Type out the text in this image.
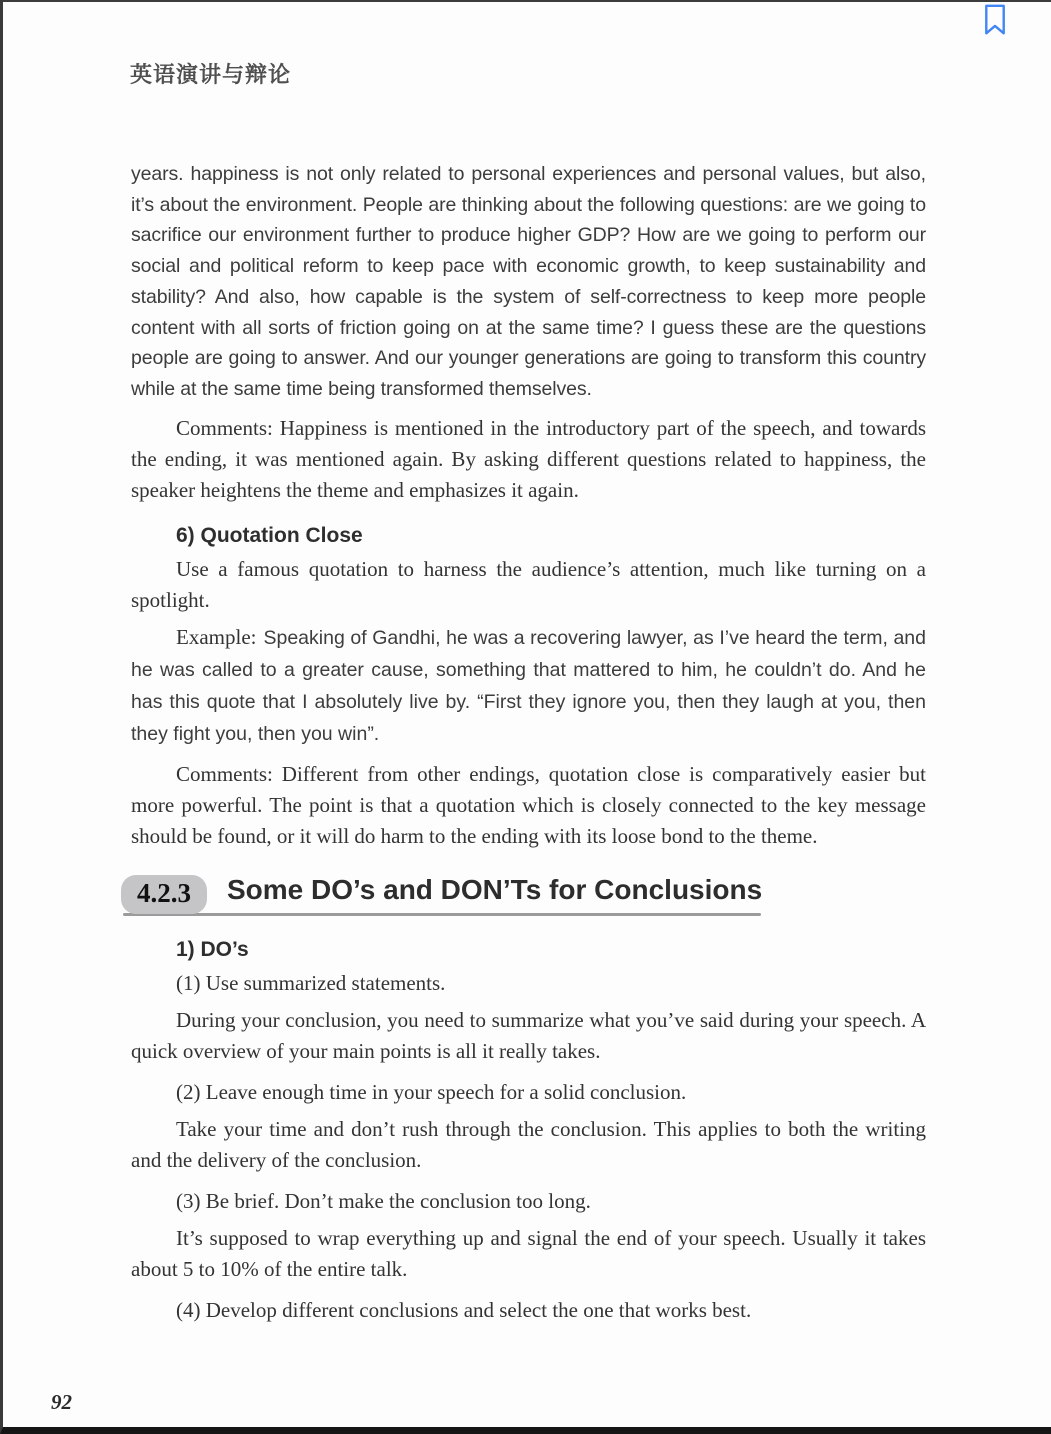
英语演讲与辩论

years. happiness is not only related to personal experiences and personal values, but also, it’s about the environment. People are thinking about the following questions: are we going to sacrifice our environment further to produce higher GDP? How are we going to perform our social and political reform to keep pace with economic growth, to keep sustainability and stability? And also, how capable is the system of self-correctness to keep more people content with all sorts of friction going on at the same time? I guess these are the questions people are going to answer. And our younger generations are going to transform this country while at the same time being transformed themselves.

Comments: Happiness is mentioned in the introductory part of the speech, and towards the ending, it was mentioned again. By asking different questions related to happiness, the speaker heightens the theme and emphasizes it again.

6) Quotation Close

Use a famous quotation to harness the audience’s attention, much like turning on a spotlight.

Example: Speaking of Gandhi, he was a recovering lawyer, as I’ve heard the term, and he was called to a greater cause, something that mattered to him, he couldn’t do. And he has this quote that I absolutely live by. “First they ignore you, then they laugh at you, then they fight you, then you win”.

Comments: Different from other endings, quotation close is comparatively easier but more powerful. The point is that a quotation which is closely connected to the key message should be found, or it will do harm to the ending with its loose bond to the theme.

4.2.3	Some DO’s and DON’Ts for Conclusions
1) DO’s

(1) Use summarized statements.

During your conclusion, you need to summarize what you’ve said during your speech. A quick overview of your main points is all it really takes.

(2) Leave enough time in your speech for a solid conclusion.

Take your time and don’t rush through the conclusion. This applies to both the writing and the delivery of the conclusion.

(3) Be brief. Don’t make the conclusion too long.

It’s supposed to wrap everything up and signal the end of your speech. Usually it takes about 5 to 10% of the entire talk.

(4) Develop different conclusions and select the one that works best.

92
